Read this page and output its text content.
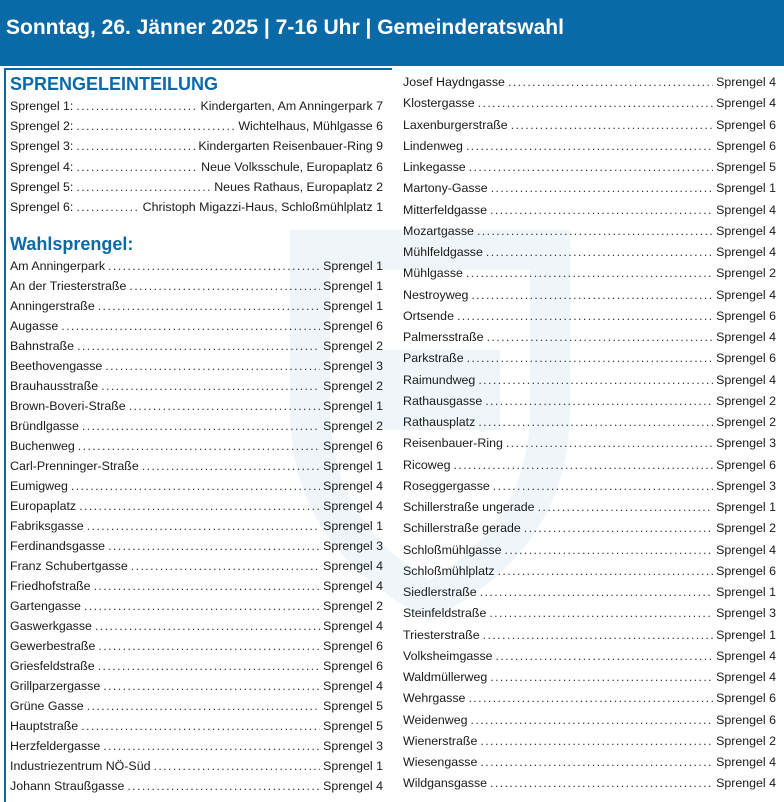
Sonntag, 26. Jänner 2025 | 7-16 Uhr | Gemeinderatswahl
SPRENGELEINTEILUNG
Sprengel 1: .....	Kindergarten, Am Anningerpark 7
Sprengel 2: .....	Wichtelhaus, Mühlgasse 6
Sprengel 3: .....	Kindergarten Reisenbauer-Ring 9
Sprengel 4: .....	Neue Volksschule, Europaplatz 6
Sprengel 5: .....	Neues Rathaus, Europaplatz 2
Sprengel 6: .....	Christoph Migazzi-Haus, Schloßmühlplatz 1
Wahlsprengel:
Am Anningerpark .....	Sprengel 1
An der Triesterstraße .....	Sprengel 1
Anningerstraße .....	Sprengel 1
Augasse .....	Sprengel 6
Bahnstraße .....	Sprengel 2
Beethovengasse .....	Sprengel 3
Brauhausstraße .....	Sprengel 2
Brown-Boveri-Straße .....	Sprengel 1
Bründlgasse .....	Sprengel 2
Buchenweg .....	Sprengel 6
Carl-Prenninger-Straße .....	Sprengel 1
Eumigweg .....	Sprengel 4
Europaplatz .....	Sprengel 4
Fabriksgasse .....	Sprengel 1
Ferdinandsgasse .....	Sprengel 3
Franz Schubertgasse .....	Sprengel 4
Friedhofstraße .....	Sprengel 4
Gartengasse .....	Sprengel 2
Gaswerkgasse .....	Sprengel 4
Gewerbestraße .....	Sprengel 6
Griesfeldstraße .....	Sprengel 6
Grillparzergasse .....	Sprengel 4
Grüne Gasse .....	Sprengel 5
Hauptstraße .....	Sprengel 5
Herzfeldergasse .....	Sprengel 3
Industriezentrum NÖ-Süd .....	Sprengel 1
Johann Straußgasse .....	Sprengel 4
Josef Haydngasse .....	Sprengel 4
Klostergasse .....	Sprengel 4
Laxenburgerstraße .....	Sprengel 6
Lindenweg .....	Sprengel 6
Linkegasse .....	Sprengel 5
Martony-Gasse .....	Sprengel 1
Mitterfeldgasse .....	Sprengel 4
Mozartgasse .....	Sprengel 4
Mühlfeldgasse .....	Sprengel 4
Mühlgasse .....	Sprengel 2
Nestroyweg .....	Sprengel 4
Ortsende .....	Sprengel 6
Palmersstraße .....	Sprengel 4
Parkstraße .....	Sprengel 6
Raimundweg .....	Sprengel 4
Rathausgasse .....	Sprengel 2
Rathausplatz .....	Sprengel 2
Reisenbauer-Ring .....	Sprengel 3
Ricoweg .....	Sprengel 6
Roseggergasse .....	Sprengel 3
Schillerstraße ungerade .....	Sprengel 1
Schillerstraße gerade .....	Sprengel 2
Schloßmühlgasse .....	Sprengel 4
Schloßmühlplatz .....	Sprengel 6
Siedlerstraße .....	Sprengel 1
Steinfeldstraße .....	Sprengel 3
Triesterstraße .....	Sprengel 1
Volksheimgasse .....	Sprengel 4
Waldmüllerweg .....	Sprengel 4
Wehrgasse .....	Sprengel 6
Weidenweg .....	Sprengel 6
Wienerstraße .....	Sprengel 2
Wiesengasse .....	Sprengel 4
Wildgansgasse .....	Sprengel 4
